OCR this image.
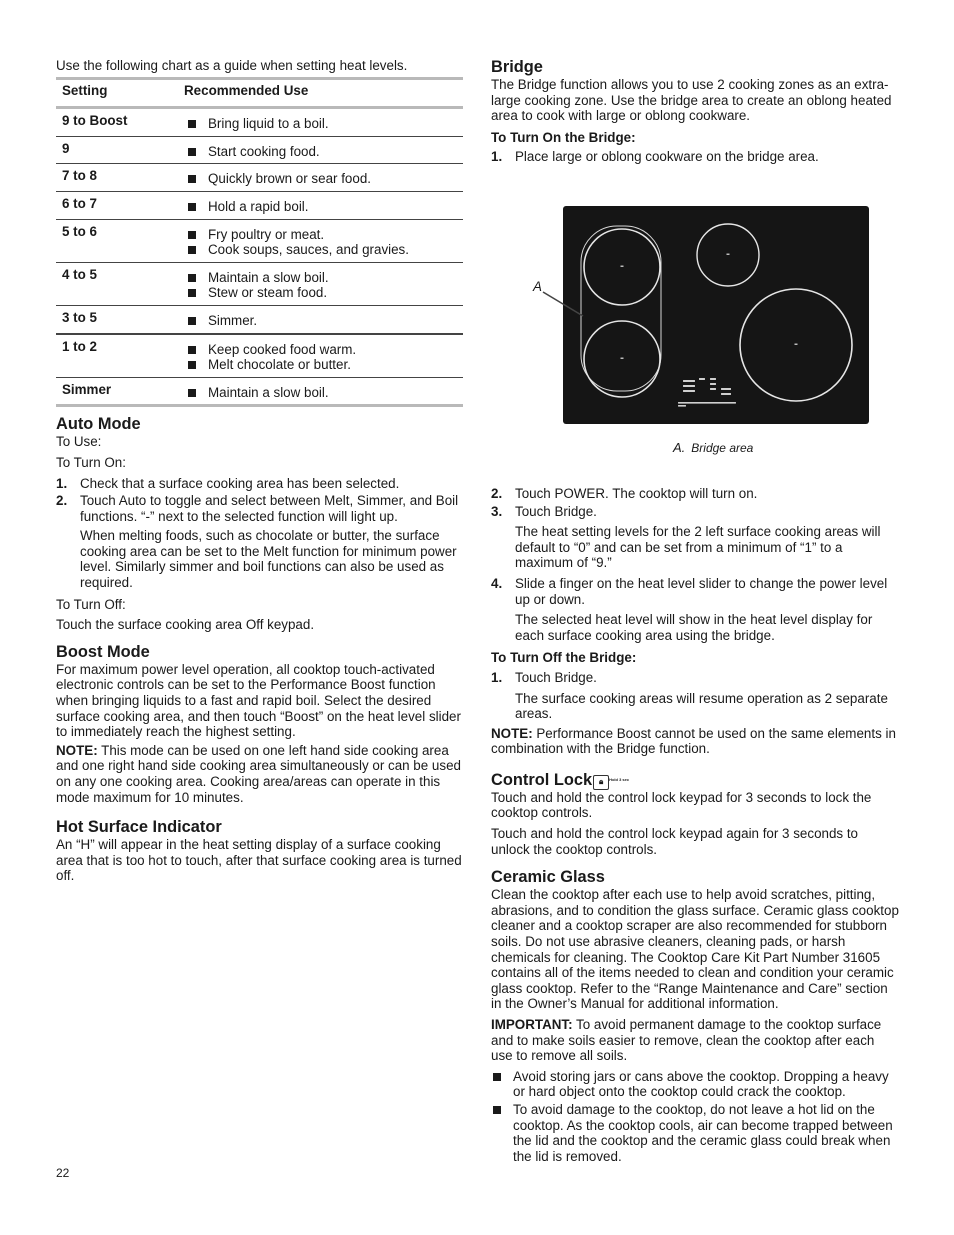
Use the following chart as a guide when setting heat levels.

Setting	Recommended Use
9 to Boost	Bring liquid to a boil.

9	Start cooking food.

7 to 8	Quickly brown or sear food.

6 to 7	Hold a rapid boil.

5 to 6	Fry poultry or meat.
Cook soups, sauces, and gravies.

4 to 5	Maintain a slow boil.
Stew or steam food.

3 to 5	Simmer.

1 to 2	Keep cooked food warm.
Melt chocolate or butter.

Simmer	Maintain a slow boil.
Auto Mode

To Use:

To Turn On:

1. Check that a surface cooking area has been selected.
2. Touch Auto to toggle and select between Melt, Simmer, and Boil functions. “-” next to the selected function will light up.

When melting foods, such as chocolate or butter, the surface cooking area can be set to the Melt function for minimum power level. Similarly simmer and boil functions can also be used as required.

To Turn Off:

Touch the surface cooking area Off keypad.

Boost Mode

For maximum power level operation, all cooktop touch-activated electronic controls can be set to the Performance Boost function when bringing liquids to a fast and rapid boil. Select the desired surface cooking area, and then touch “Boost” on the heat level slider to immediately reach the highest setting.

NOTE: This mode can be used on one left hand side cooking area and one right hand side cooking area simultaneously or can be used on any one cooking area. Cooking area/areas can operate in this mode maximum for 10 minutes.

Hot Surface Indicator

An “H” will appear in the heat setting display of a surface cooking area that is too hot to touch, after that surface cooking area is turned off.

Bridge

The Bridge function allows you to use 2 cooking zones as an extra-large cooking zone. Use the bridge area to create an oblong heated area to cook with large or oblong cookware.

To Turn On the Bridge:
1. Place large or oblong cookware on the bridge area.
A
A. Bridge area
2. Touch POWER. The cooktop will turn on.
3. Touch Bridge.

The heat setting levels for the 2 left surface cooking areas will default to “0” and can be set from a minimum of “1” to a maximum of “9.”
4. Slide a finger on the heat level slider to change the power level up or down.

The selected heat level will show in the heat level display for each surface cooking area using the bridge.
To Turn Off the Bridge:
1. Touch Bridge.

The surface cooking areas will resume operation as 2 separate areas.

NOTE: Performance Boost cannot be used on the same elements in combination with the Bridge function.

Control Lock 🔒︎ $^{Hold 3 sec}$

Touch and hold the control lock keypad for 3 seconds to lock the cooktop controls.

Touch and hold the control lock keypad again for 3 seconds to unlock the cooktop controls.

Ceramic Glass

Clean the cooktop after each use to help avoid scratches, pitting, abrasions, and to condition the glass surface. Ceramic glass cooktop cleaner and a cooktop scraper are also recommended for stubborn soils. Do not use abrasive cleaners, cleaning pads, or harsh chemicals for cleaning. The Cooktop Care Kit Part Number 31605 contains all of the items needed to clean and condition your ceramic glass cooktop. Refer to the “Range Maintenance and Care” section in the Owner’s Manual for additional information.

IMPORTANT: To avoid permanent damage to the cooktop surface and to make soils easier to remove, clean the cooktop after each use to remove all soils.

Avoid storing jars or cans above the cooktop. Dropping a heavy or hard object onto the cooktop could crack the cooktop.
To avoid damage to the cooktop, do not leave a hot lid on the cooktop. As the cooktop cools, air can become trapped between the lid and the cooktop and the ceramic glass could break when the lid is removed.
22
